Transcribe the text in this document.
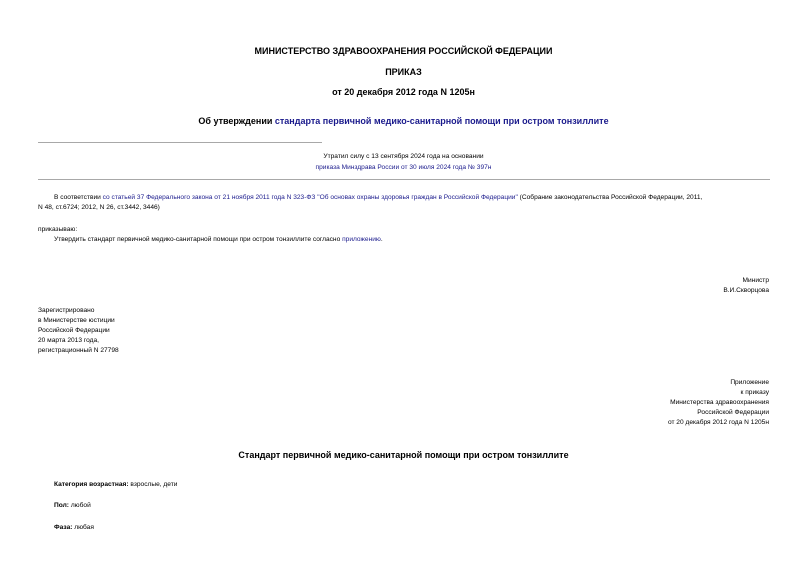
МИНИСТЕРСТВО ЗДРАВООХРАНЕНИЯ РОССИЙСКОЙ ФЕДЕРАЦИИ
ПРИКАЗ
от 20 декабря 2012 года N 1205н
Об утверждении стандарта первичной медико-санитарной помощи при остром тонзиллите
Утратил силу с 13 сентября 2024 года на основании
приказа Минздрава России от 30 июля 2024 года № 397н
В соответствии со статьей 37 Федерального закона от 21 ноября 2011 года N 323-ФЗ "Об основах охраны здоровья граждан в Российской Федерации" (Собрание законодательства Российской Федерации, 2011,
N 48, ст.6724; 2012, N 26, ст.3442, 3446)
приказываю:
Утвердить стандарт первичной медико-санитарной помощи при остром тонзиллите согласно приложению.
Министр
В.И.Скворцова
Зарегистрировано
в Министерстве юстиции
Российской Федерации
20 марта 2013 года,
регистрационный N 27798
Приложение
к приказу
Министерства здравоохранения
Российской Федерации
от 20 декабря 2012 года N 1205н
Стандарт первичной медико-санитарной помощи при остром тонзиллите
Категория возрастная: взрослые, дети
Пол: любой
Фаза: любая
